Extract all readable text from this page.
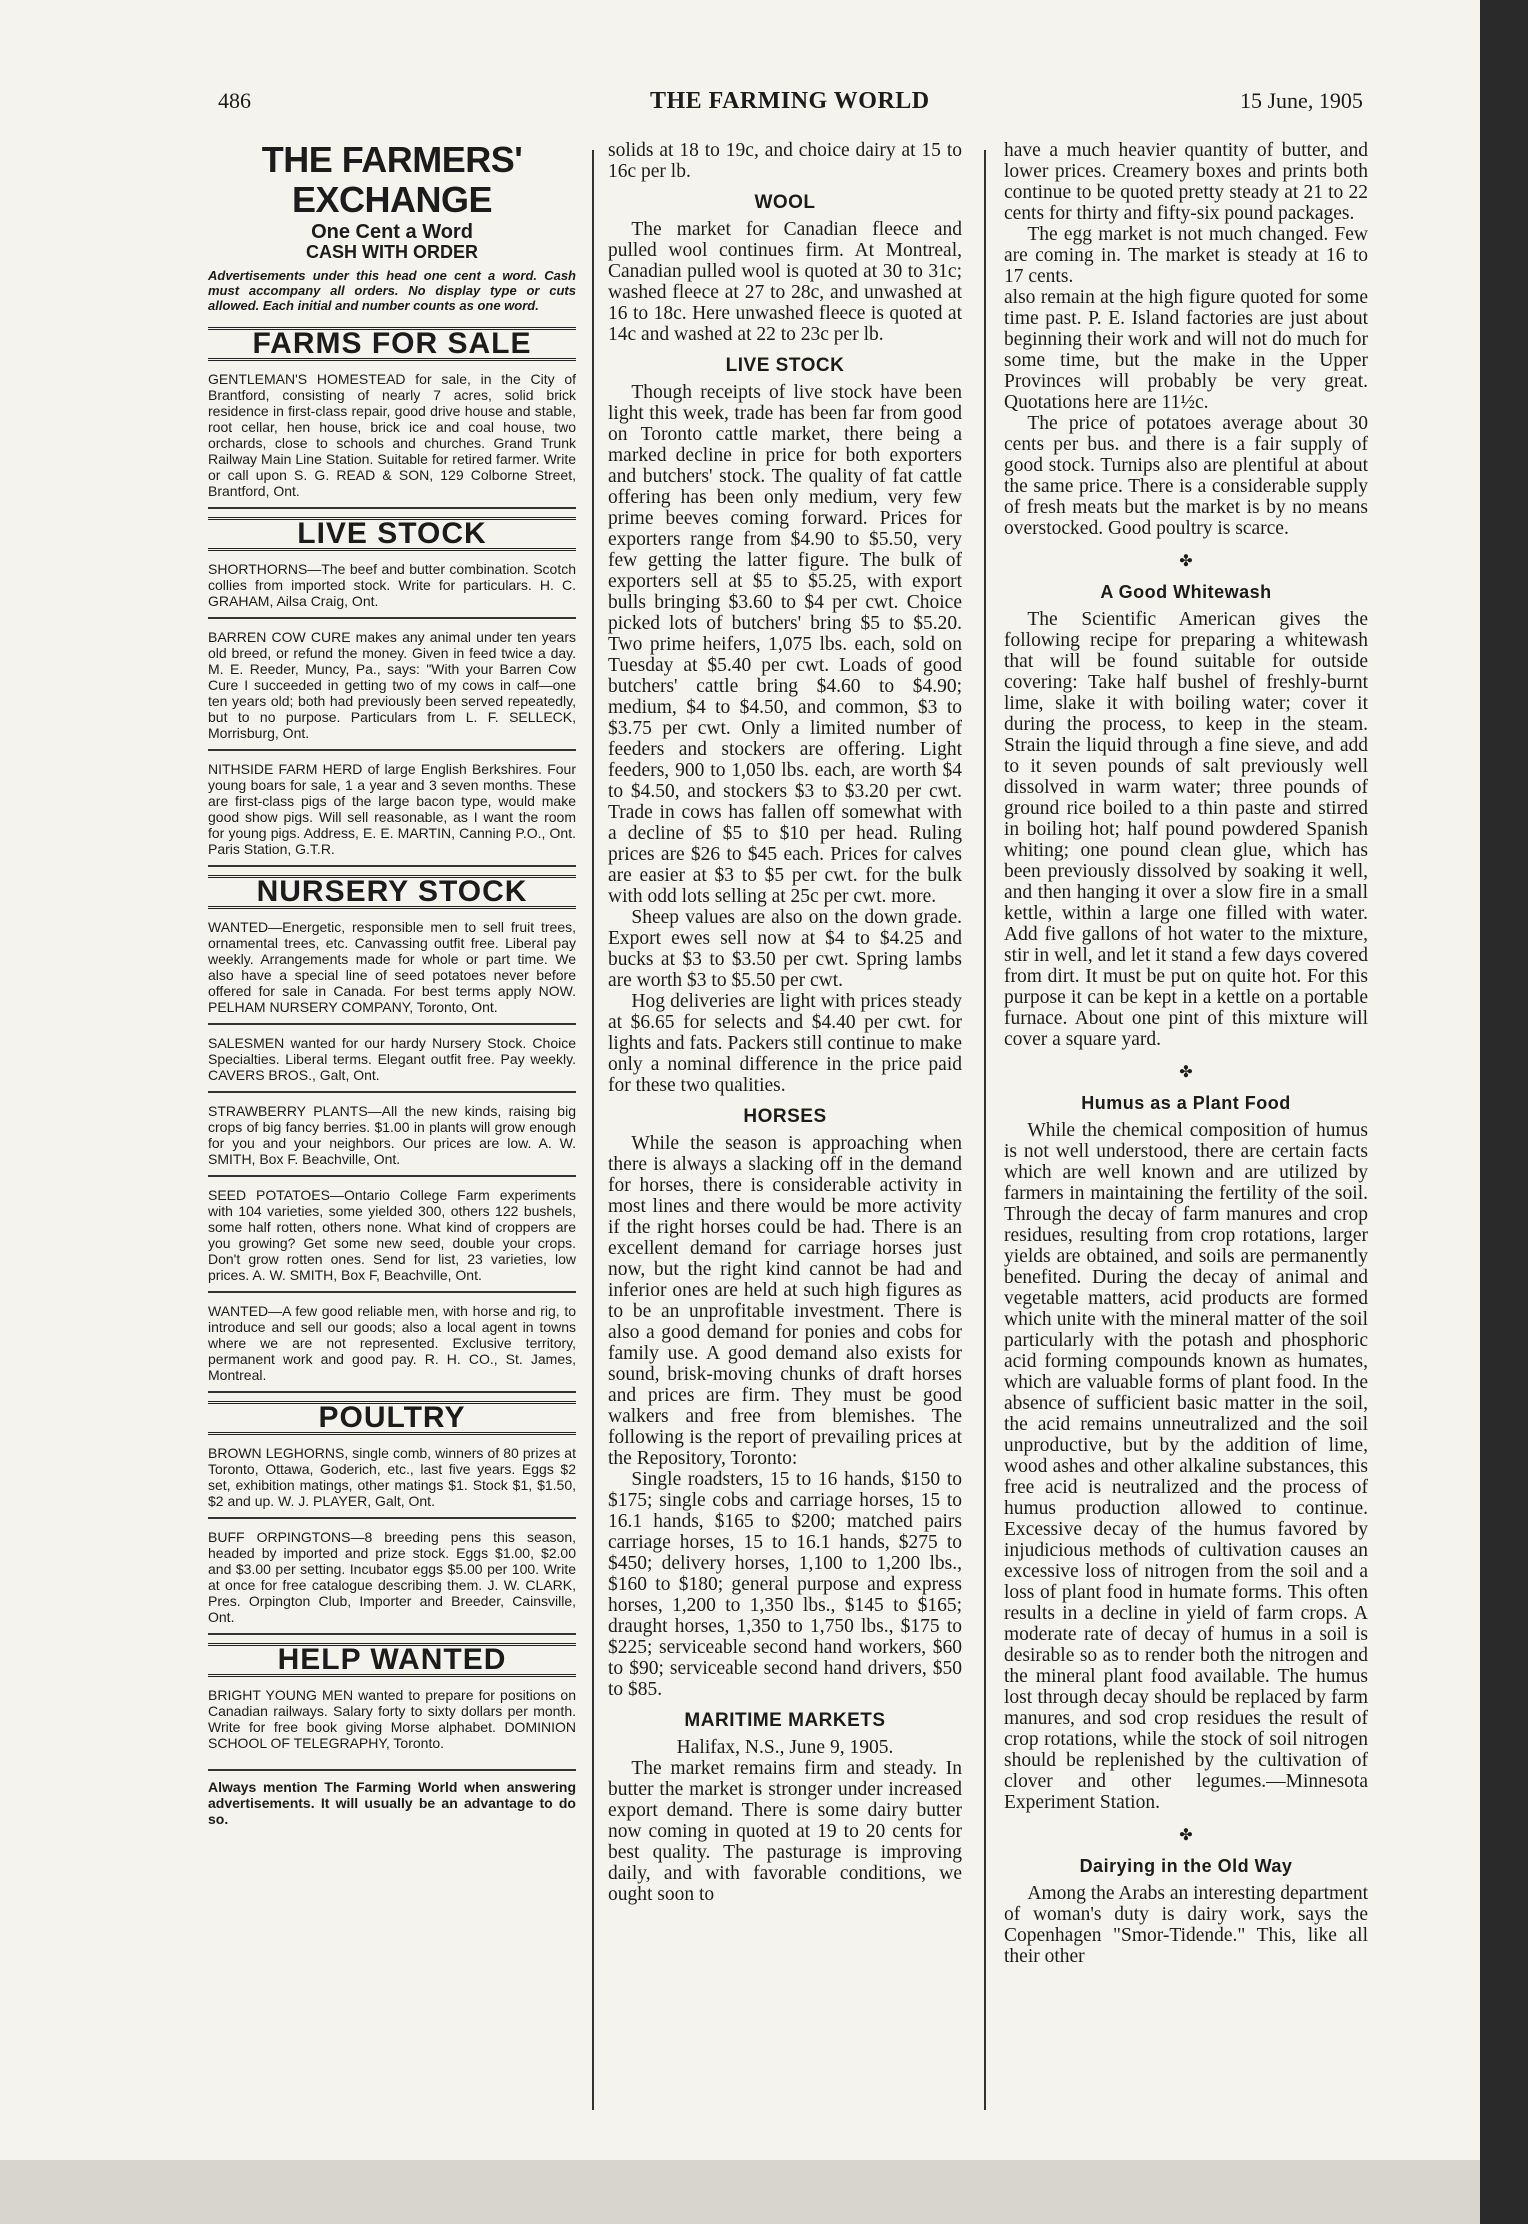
486	THE FARMING WORLD	15 June, 1905
THE FARMERS' EXCHANGE
One Cent a Word
CASH WITH ORDER
Advertisements under this head one cent a word. Cash must accompany all orders. No display type or cuts allowed. Each initial and number counts as one word.
FARMS FOR SALE
GENTLEMAN'S HOMESTEAD for sale, in the City of Brantford, consisting of nearly 7 acres, solid brick residence in first-class repair, good drive house and stable, root cellar, hen house, brick ice and coal house, two orchards, close to schools and churches. Grand Trunk Railway Main Line Station. Suitable for retired farmer. Write or call upon S. G. READ & SON, 129 Colborne Street, Brantford, Ont.
LIVE STOCK
SHORTHORNS—The beef and butter combination. Scotch collies from imported stock. Write for particulars. H. C. GRAHAM, Ailsa Craig, Ont.
BARREN COW CURE makes any animal under ten years old breed, or refund the money. Given in feed twice a day. M. E. Reeder, Muncy, Pa., says: "With your Barren Cow Cure I succeeded in getting two of my cows in calf—one ten years old; both had previously been served repeatedly, but to no purpose. Particulars from L. F. SELLECK, Morrisburg, Ont.
NITHSIDE FARM HERD of large English Berkshires. Four young boars for sale, 1 a year and 3 seven months. These are first-class pigs of the large bacon type, would make good show pigs. Will sell reasonable, as I want the room for young pigs. Address, E. E. MARTIN, Canning P.O., Ont. Paris Station, G.T.R.
NURSERY STOCK
WANTED—Energetic, responsible men to sell fruit trees, ornamental trees, etc. Canvassing outfit free. Liberal pay weekly. Arrangements made for whole or part time. We also have a special line of seed potatoes never before offered for sale in Canada. For best terms apply NOW. PELHAM NURSERY COMPANY, Toronto, Ont.
SALESMEN wanted for our hardy Nursery Stock. Choice Specialties. Liberal terms. Elegant outfit free. Pay weekly. CAVERS BROS., Galt, Ont.
STRAWBERRY PLANTS—All the new kinds, raising big crops of big fancy berries. $1.00 in plants will grow enough for you and your neighbors. Our prices are low. A. W. SMITH, Box F. Beachville, Ont.
SEED POTATOES—Ontario College Farm experiments with 104 varieties, some yielded 300, others 122 bushels, some half rotten, others none. What kind of croppers are you growing? Get some new seed, double your crops. Don't grow rotten ones. Send for list, 23 varieties, low prices. A. W. SMITH, Box F, Beachville, Ont.
WANTED—A few good reliable men, with horse and rig, to introduce and sell our goods; also a local agent in towns where we are not represented. Exclusive territory, permanent work and good pay. R. H. CO., St. James, Montreal.
POULTRY
BROWN LEGHORNS, single comb, winners of 80 prizes at Toronto, Ottawa, Goderich, etc., last five years. Eggs $2 set, exhibition matings, other matings $1. Stock $1, $1.50, $2 and up. W. J. PLAYER, Galt, Ont.
BUFF ORPINGTONS—8 breeding pens this season, headed by imported and prize stock. Eggs $1.00, $2.00 and $3.00 per setting. Incubator eggs $5.00 per 100. Write at once for free catalogue describing them. J. W. CLARK, Pres. Orpington Club, Importer and Breeder, Cainsville, Ont.
HELP WANTED
BRIGHT YOUNG MEN wanted to prepare for positions on Canadian railways. Salary forty to sixty dollars per month. Write for free book giving Morse alphabet. DOMINION SCHOOL OF TELEGRAPHY, Toronto.
Always mention The Farming World when answering advertisements. It will usually be an advantage to do so.

solids at 18 to 19c, and choice dairy at 15 to 16c per lb.

WOOL

The market for Canadian fleece and pulled wool continues firm. At Montreal, Canadian pulled wool is quoted at 30 to 31c; washed fleece at 27 to 28c, and unwashed at 16 to 18c. Here unwashed fleece is quoted at 14c and washed at 22 to 23c per lb.

LIVE STOCK

Though receipts of live stock have been light this week, trade has been far from good on Toronto cattle market, there being a marked decline in price for both exporters and butchers' stock. The quality of fat cattle offering has been only medium, very few prime beeves coming forward. Prices for exporters range from $4.90 to $5.50, very few getting the latter figure. The bulk of exporters sell at $5 to $5.25, with export bulls bringing $3.60 to $4 per cwt. Choice picked lots of butchers' bring $5 to $5.20. Two prime heifers, 1,075 lbs. each, sold on Tuesday at $5.40 per cwt. Loads of good butchers' cattle bring $4.60 to $4.90; medium, $4 to $4.50, and common, $3 to $3.75 per cwt. Only a limited number of feeders and stockers are offering. Light feeders, 900 to 1,050 lbs. each, are worth $4 to $4.50, and stockers $3 to $3.20 per cwt. Trade in cows has fallen off somewhat with a decline of $5 to $10 per head. Ruling prices are $26 to $45 each. Prices for calves are easier at $3 to $5 per cwt. for the bulk with odd lots selling at 25c per cwt. more.

Sheep values are also on the down grade. Export ewes sell now at $4 to $4.25 and bucks at $3 to $3.50 per cwt. Spring lambs are worth $3 to $5.50 per cwt.

Hog deliveries are light with prices steady at $6.65 for selects and $4.40 per cwt. for lights and fats. Packers still continue to make only a nominal difference in the price paid for these two qualities.

HORSES

While the season is approaching when there is always a slacking off in the demand for horses, there is considerable activity in most lines and there would be more activity if the right horses could be had. There is an excellent demand for carriage horses just now, but the right kind cannot be had and inferior ones are held at such high figures as to be an unprofitable investment. There is also a good demand for ponies and cobs for family use. A good demand also exists for sound, brisk-moving chunks of draft horses and prices are firm. They must be good walkers and free from blemishes. The following is the report of prevailing prices at the Repository, Toronto:

Single roadsters, 15 to 16 hands, $150 to $175; single cobs and carriage horses, 15 to 16.1 hands, $165 to $200; matched pairs carriage horses, 15 to 16.1 hands, $275 to $450; delivery horses, 1,100 to 1,200 lbs., $160 to $180; general purpose and express horses, 1,200 to 1,350 lbs., $145 to $165; draught horses, 1,350 to 1,750 lbs., $175 to $225; serviceable second hand workers, $60 to $90; serviceable second hand drivers, $50 to $85.

MARITIME MARKETS

Halifax, N.S., June 9, 1905.

The market remains firm and steady. In butter the market is stronger under increased export demand. There is some dairy butter now coming in quoted at 19 to 20 cents for best quality. The pasturage is improving daily, and with favorable conditions, we ought soon to

have a much heavier quantity of butter, and lower prices. Creamery boxes and prints both continue to be quoted pretty steady at 21 to 22 cents for thirty and fifty-six pound packages.

The egg market is not much changed. Few are coming in. The market is steady at 16 to 17 cents.

also remain at the high figure quoted for some time past. P. E. Island factories are just about beginning their work and will not do much for some time, but the make in the Upper Provinces will probably be very great. Quotations here are 11½c.

The price of potatoes average about 30 cents per bus. and there is a fair supply of good stock. Turnips also are plentiful at about the same price. There is a considerable supply of fresh meats but the market is by no means overstocked. Good poultry is scarce.

✤
A Good Whitewash

The Scientific American gives the following recipe for preparing a whitewash that will be found suitable for outside covering: Take half bushel of freshly-burnt lime, slake it with boiling water; cover it during the process, to keep in the steam. Strain the liquid through a fine sieve, and add to it seven pounds of salt previously well dissolved in warm water; three pounds of ground rice boiled to a thin paste and stirred in boiling hot; half pound powdered Spanish whiting; one pound clean glue, which has been previously dissolved by soaking it well, and then hanging it over a slow fire in a small kettle, within a large one filled with water. Add five gallons of hot water to the mixture, stir in well, and let it stand a few days covered from dirt. It must be put on quite hot. For this purpose it can be kept in a kettle on a portable furnace. About one pint of this mixture will cover a square yard.

✤
Humus as a Plant Food

While the chemical composition of humus is not well understood, there are certain facts which are well known and are utilized by farmers in maintaining the fertility of the soil. Through the decay of farm manures and crop residues, resulting from crop rotations, larger yields are obtained, and soils are permanently benefited. During the decay of animal and vegetable matters, acid products are formed which unite with the mineral matter of the soil particularly with the potash and phosphoric acid forming compounds known as humates, which are valuable forms of plant food. In the absence of sufficient basic matter in the soil, the acid remains unneutralized and the soil unproductive, but by the addition of lime, wood ashes and other alkaline substances, this free acid is neutralized and the process of humus production allowed to continue. Excessive decay of the humus favored by injudicious methods of cultivation causes an excessive loss of nitrogen from the soil and a loss of plant food in humate forms. This often results in a decline in yield of farm crops. A moderate rate of decay of humus in a soil is desirable so as to render both the nitrogen and the mineral plant food available. The humus lost through decay should be replaced by farm manures, and sod crop residues the result of crop rotations, while the stock of soil nitrogen should be replenished by the cultivation of clover and other legumes.—Minnesota Experiment Station.

✤
Dairying in the Old Way

Among the Arabs an interesting department of woman's duty is dairy work, says the Copenhagen "Smor-Tidende." This, like all their other
